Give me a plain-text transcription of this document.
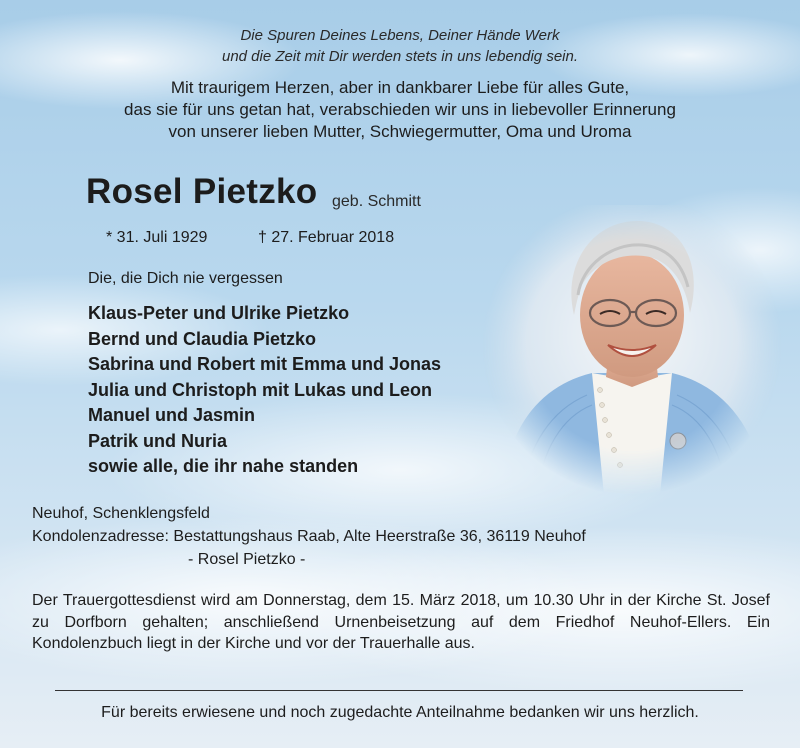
Die Spuren Deines Lebens, Deiner Hände Werk
und die Zeit mit Dir werden stets in uns lebendig sein.
Mit traurigem Herzen, aber in dankbarer Liebe für alles Gute,
das sie für uns getan hat, verabschieden wir uns in liebevoller Erinnerung
von unserer lieben Mutter, Schwiegermutter, Oma und Uroma
Rosel Pietzko geb. Schmitt
* 31. Juli 1929	† 27. Februar 2018
Die, die Dich nie vergessen
Klaus-Peter und Ulrike Pietzko
Bernd und Claudia Pietzko
Sabrina und Robert mit Emma und Jonas
Julia und Christoph mit Lukas und Leon
Manuel und Jasmin
Patrik und Nuria
sowie alle, die ihr nahe standen
Neuhof, Schenklengsfeld
Kondolenzadresse: Bestattungshaus Raab, Alte Heerstraße 36, 36119 Neuhof
- Rosel Pietzko -
Der Trauergottesdienst wird am Donnerstag, dem 15. März 2018, um 10.30 Uhr in der Kirche St. Josef zu Dorfborn gehalten; anschließend Urnenbeisetzung auf dem Friedhof Neuhof-Ellers. Ein Kondolenzbuch liegt in der Kirche und vor der Trauerhalle aus.
Für bereits erwiesene und noch zugedachte Anteilnahme bedanken wir uns herzlich.
